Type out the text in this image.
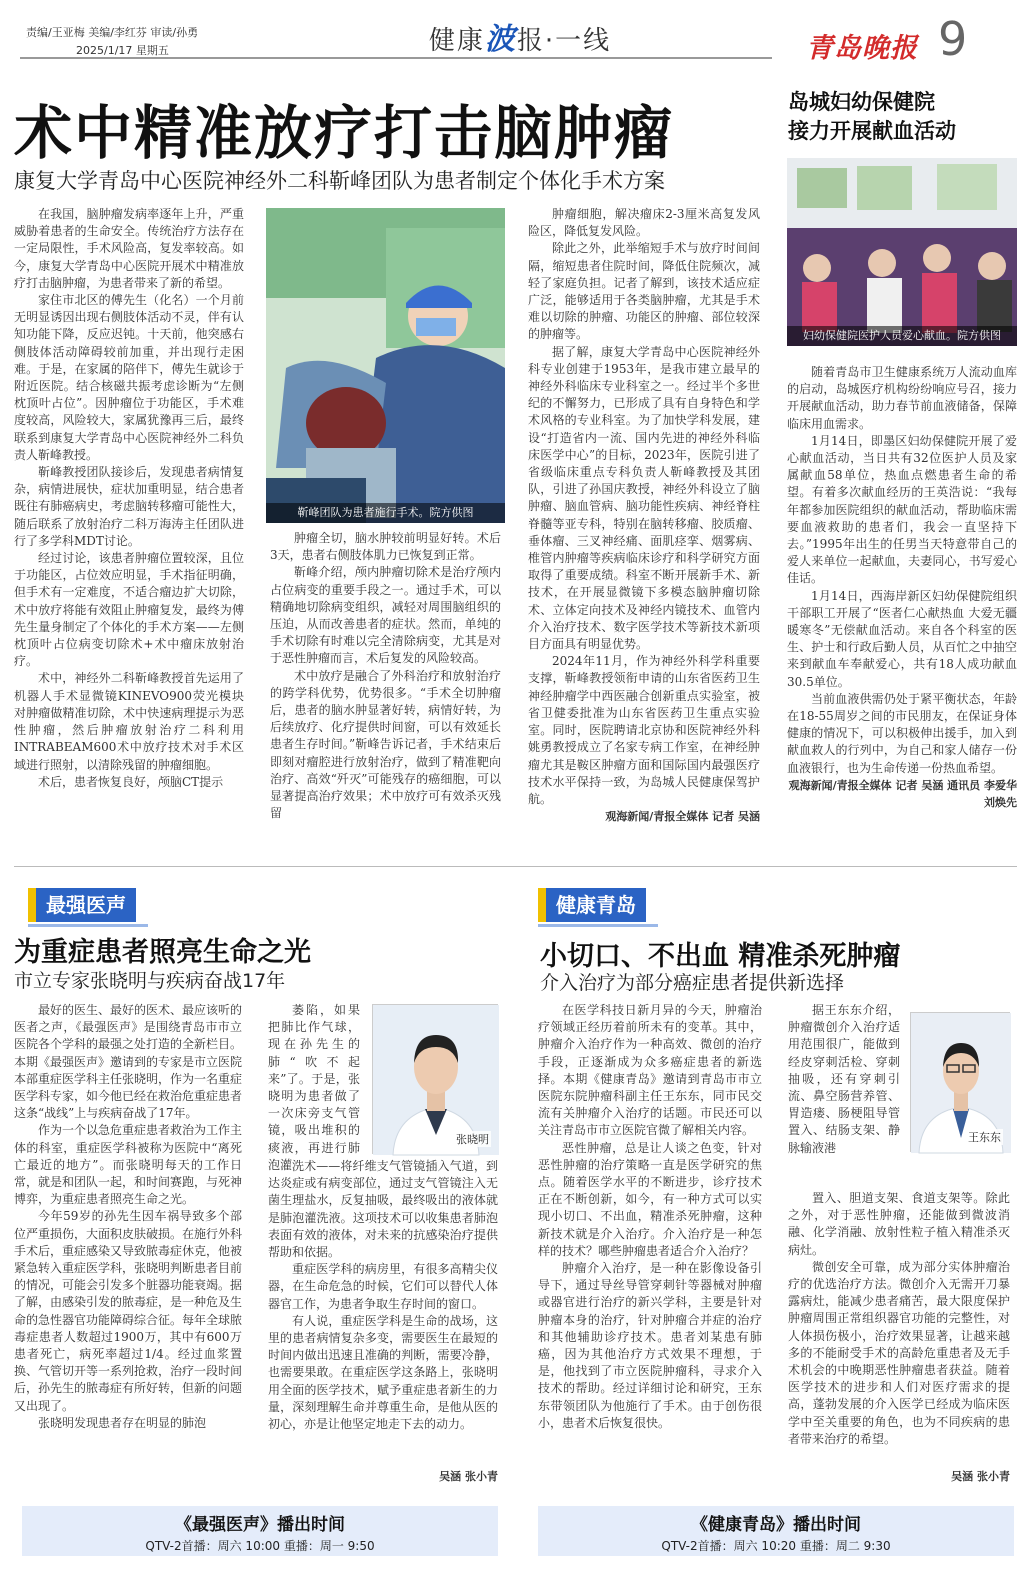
责编/王亚梅 美编/李红芬 审读/孙勇
2025/1/17 星期五	健康波报·一线	青岛晚报 9
术中精准放疗打击脑肿瘤
康复大学青岛中心医院神经外二科靳峰团队为患者制定个体化手术方案

在我国，脑肿瘤发病率逐年上升，严重威胁着患者的生命安全。传统治疗方法存在一定局限性，手术风险高，复发率较高。如今，康复大学青岛中心医院开展术中精准放疗打击脑肿瘤，为患者带来了新的希望。

家住市北区的傅先生（化名）一个月前无明显诱因出现右侧肢体活动不灵，伴有认知功能下降，反应迟钝。十天前，他突感右侧肢体活动障碍较前加重，并出现行走困难。于是，在家属的陪伴下，傅先生就诊于附近医院。结合核磁共振考虑诊断为“左侧枕顶叶占位”。因肿瘤位于功能区，手术难度较高，风险较大，家属犹豫再三后，最终联系到康复大学青岛中心医院神经外二科负责人靳峰教授。

靳峰教授团队接诊后，发现患者病情复杂，病情进展快，症状加重明显，结合患者既往有肺癌病史，考虑脑转移瘤可能性大，随后联系了放射治疗二科万海涛主任团队进行了多学科MDT讨论。

经过讨论，该患者肿瘤位置较深，且位于功能区，占位效应明显，手术指征明确，但手术有一定难度，不适合瘤边扩大切除，术中放疗将能有效阻止肿瘤复发，最终为傅先生量身制定了个体化的手术方案——左侧枕顶叶占位病变切除术+术中瘤床放射治疗。

术中，神经外二科靳峰教授首先运用了机器人手术显微镜KINEVO900荧光模块对肿瘤做精准切除，术中快速病理提示为恶性肿瘤，然后肿瘤放射治疗二科利用INTRABEAM600术中放疗技术对手术区域进行照射，以清除残留的肿瘤细胞。

术后，患者恢复良好，颅脑CT提示

靳峰团队为患者施行手术。院方供图

肿瘤全切，脑水肿较前明显好转。术后3天，患者右侧肢体肌力已恢复到正常。

靳峰介绍，颅内肿瘤切除术是治疗颅内占位病变的重要手段之一。通过手术，可以精确地切除病变组织，减轻对周围脑组织的压迫，从而改善患者的症状。然而，单纯的手术切除有时难以完全清除病变，尤其是对于恶性肿瘤而言，术后复发的风险较高。

术中放疗是融合了外科治疗和放射治疗的跨学科优势，优势很多。“手术全切肿瘤后，患者的脑水肿显著好转，病情好转，为后续放疗、化疗提供时间窗，可以有效延长患者生存时间。”靳峰告诉记者，手术结束后即刻对瘤腔进行放射治疗，做到了精准靶向治疗、高效“歼灭”可能残存的癌细胞，可以显著提高治疗效果；术中放疗可有效杀灭残留

肿瘤细胞，解决瘤床2-3厘米高复发风险区，降低复发风险。

除此之外，此举缩短手术与放疗时间间隔，缩短患者住院时间，降低住院频次，减轻了家庭负担。记者了解到，该技术适应症广泛，能够适用于各类脑肿瘤，尤其是手术难以切除的肿瘤、功能区的肿瘤、部位较深的肿瘤等。

据了解，康复大学青岛中心医院神经外科专业创建于1953年，是我市建立最早的神经外科临床专业科室之一。经过半个多世纪的不懈努力，已形成了具有自身特色和学术风格的专业科室。为了加快学科发展，建设“打造省内一流、国内先进的神经外科临床医学中心”的目标，2023年，医院引进了省级临床重点专科负责人靳峰教授及其团队，引进了孙国庆教授，神经外科设立了脑肿瘤、脑血管病、脑功能性疾病、神经脊柱脊髓等亚专科，特别在脑转移瘤、胶质瘤、垂体瘤、三叉神经痛、面肌痉挛、烟雾病、椎管内肿瘤等疾病临床诊疗和科学研究方面取得了重要成绩。科室不断开展新手术、新技术，在开展显微镜下多模态脑肿瘤切除术、立体定向技术及神经内镜技术、血管内介入治疗技术、数字医学技术等新技术新项目方面具有明显优势。

2024年11月，作为神经外科学科重要支撑，靳峰教授领衔申请的山东省医药卫生神经肿瘤学中西医融合创新重点实验室，被省卫健委批准为山东省医药卫生重点实验室。同时，医院聘请北京协和医院神经外科姚勇教授成立了名家专病工作室，在神经肿瘤尤其是鞍区肿瘤方面和国际国内最强医疗技术水平保持一致，为岛城人民健康保驾护航。

观海新闻/青报全媒体 记者 吴涵

岛城妇幼保健院
接力开展献血活动
妇幼保健院医护人员爱心献血。院方供图

随着青岛市卫生健康系统万人流动血库的启动，岛城医疗机构纷纷响应号召，接力开展献血活动，助力春节前血液储备，保障临床用血需求。

1月14日，即墨区妇幼保健院开展了爱心献血活动，当日共有32位医护人员及家属献血58单位，热血点燃患者生命的希望。有着多次献血经历的王英浩说：“我每年都参加医院组织的献血活动，帮助临床需要血液救助的患者们，我会一直坚持下去。”1995年出生的任男当天特意带自己的爱人来单位一起献血，夫妻同心，书写爱心佳话。

1月14日，西海岸新区妇幼保健院组织干部职工开展了“医者仁心献热血 大爱无疆暖寒冬”无偿献血活动。来自各个科室的医生、护士和行政后勤人员，从百忙之中抽空来到献血车奉献爱心，共有18人成功献血30.5单位。

当前血液供需仍处于紧平衡状态，年龄在18-55周岁之间的市民朋友，在保证身体健康的情况下，可以积极伸出援手，加入到献血救人的行列中，为自己和家人储存一份血液银行，也为生命传递一份热血希望。

观海新闻/青报全媒体 记者 吴涵 通讯员 李爱华 刘焕先

最强医声
为重症患者照亮生命之光
市立专家张晓明与疾病奋战17年

最好的医生、最好的医术、最应该听的医者之声，《最强医声》是围绕青岛市市立医院各个学科的最强之处打造的全新栏目。本期《最强医声》邀请到的专家是市立医院本部重症医学科主任张晓明，作为一名重症医学科专家，如今他已经在救治危重症患者这条“战线”上与疾病奋战了17年。

作为一个以急危重症患者救治为工作主体的科室，重症医学科被称为医院中“离死亡最近的地方”。而张晓明每天的工作日常，就是和团队一起，和时间赛跑，与死神博弈，为重症患者照亮生命之光。

今年59岁的孙先生因车祸导致多个部位严重损伤，大面积皮肤破损。在施行外科手术后，重症感染又导致脓毒症休克，他被紧急转入重症医学科，张晓明判断患者目前的情况，可能会引发多个脏器功能衰竭。据了解，由感染引发的脓毒症，是一种危及生命的急性器官功能障碍综合征。每年全球脓毒症患者人数超过1900万，其中有600万患者死亡，病死率超过1/4。经过血浆置换、气管切开等一系列抢救，治疗一段时间后，孙先生的脓毒症有所好转，但新的问题又出现了。

张晓明发现患者存在明显的肺泡

萎陷，如果把肺比作气球，现在孙先生的肺“吹不起来”了。于是，张晓明为患者做了一次床旁支气管镜，吸出堆积的痰液，再进行肺泡灌

张晓明

洗术——将纤维支气管镜插入气道，到达炎症或有病变部位，通过支气管镜注入无菌生理盐水，反复抽吸，最终吸出的液体就是肺泡灌洗液。这项技术可以收集患者肺泡表面有效的液体，对未来的抗感染治疗提供帮助和依据。

重症医学科的病房里，有很多高精尖仪器，在生命危急的时候，它们可以替代人体器官工作，为患者争取生存时间的窗口。

有人说，重症医学科是生命的战场，这里的患者病情复杂多变，需要医生在最短的时间内做出迅速且准确的判断，需要冷静，也需要果敢。在重症医学这条路上，张晓明用全面的医学技术，赋予重症患者新生的力量，深刻理解生命并尊重生命，是他从医的初心，亦是让他坚定地走下去的动力。

吴涵 张小青
健康青岛
小切口、不出血 精准杀死肿瘤
介入治疗为部分癌症患者提供新选择

在医学科技日新月异的今天，肿瘤治疗领域正经历着前所未有的变革。其中，肿瘤介入治疗作为一种高效、微创的治疗手段，正逐渐成为众多癌症患者的新选择。本期《健康青岛》邀请到青岛市市立医院东院肿瘤科副主任王东东，同市民交流有关肿瘤介入治疗的话题。市民还可以关注青岛市市立医院官微了解相关内容。

恶性肿瘤，总是让人谈之色变，针对恶性肿瘤的治疗策略一直是医学研究的焦点。随着医学水平的不断进步，诊疗技术正在不断创新，如今，有一种方式可以实现小切口、不出血，精准杀死肿瘤，这种新技术就是介入治疗。介入治疗是一种怎样的技术？哪些肿瘤患者适合介入治疗？

肿瘤介入治疗，是一种在影像设备引导下，通过导丝导管穿刺针等器械对肿瘤或器官进行治疗的新兴学科，主要是针对肿瘤本身的治疗，针对肿瘤合并症的治疗和其他辅助诊疗技术。患者刘某患有肺癌，因为其他治疗方式效果不理想，于是，他找到了市立医院肿瘤科，寻求介入技术的帮助。经过详细讨论和研究，王东东带领团队为他施行了手术。由于创伤很小，患者术后恢复很快。

据王东东介绍，肿瘤微创介入治疗适用范围很广，能做到经皮穿刺活检、穿刺抽吸，还有穿刺引流、鼻空肠营养管、胃造瘘、肠梗阻导管置入、结肠支架、静脉输液港

王东东

置入、胆道支架、食道支架等。除此之外，对于恶性肿瘤，还能做到微波消融、化学消融、放射性粒子植入精准杀灭病灶。

微创安全可靠，成为部分实体肿瘤治疗的优选治疗方法。微创介入无需开刀暴露病灶，能减少患者痛苦，最大限度保护肿瘤周围正常组织器官功能的完整性，对人体损伤极小，治疗效果显著，让越来越多的不能耐受手术的高龄危重患者及无手术机会的中晚期恶性肿瘤患者获益。随着医学技术的进步和人们对医疗需求的提高，蓬勃发展的介入医学已经成为临床医学中至关重要的角色，也为不同疾病的患者带来治疗的希望。

吴涵 张小青
《最强医声》播出时间
QTV-2首播：周六 10:00 重播：周一 9:50
《健康青岛》播出时间
QTV-2首播：周六 10:20 重播：周二 9:30
